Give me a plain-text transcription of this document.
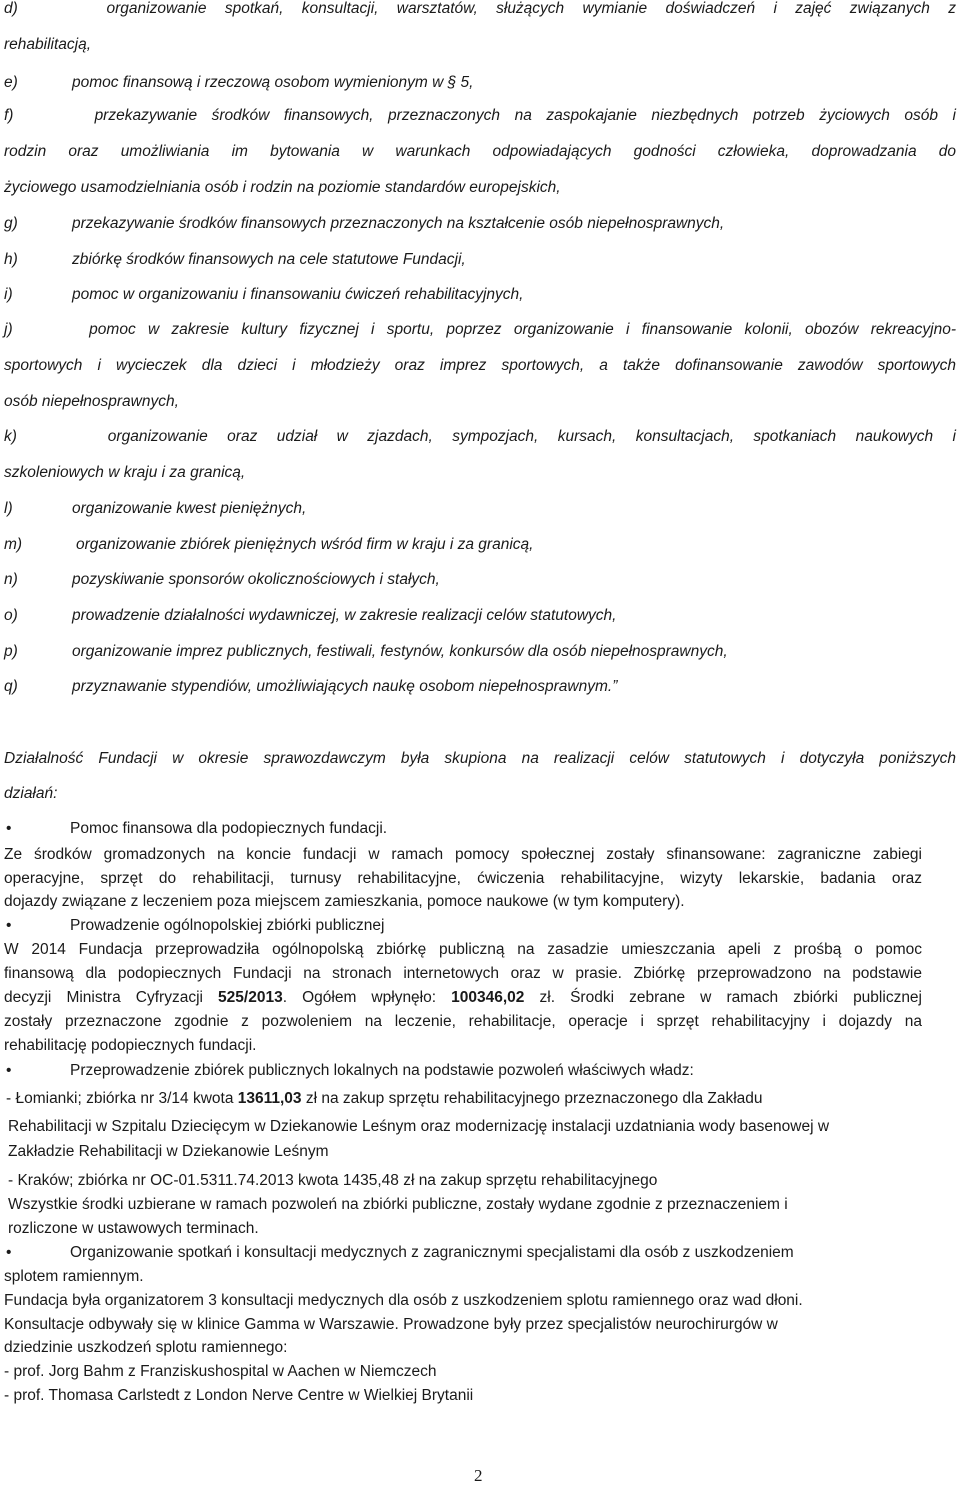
d)	organizowanie spotkań, konsultacji, warsztatów, służących wymianie doświadczeń i zajęć związanych z
rehabilitacją,
e)	pomoc finansową i rzeczową osobom wymienionym w § 5,
f)	przekazywanie środków finansowych, przeznaczonych na zaspokajanie niezbędnych potrzeb życiowych osób i
rodzin oraz umożliwiania im bytowania w warunkach odpowiadających godności człowieka, doprowadzania do
życiowego usamodzielniania osób i rodzin na poziomie standardów europejskich,
g)	przekazywanie środków finansowych przeznaczonych na kształcenie osób niepełnosprawnych,
h)	zbiórkę środków finansowych na cele statutowe Fundacji,
i)	pomoc w organizowaniu i finansowaniu ćwiczeń rehabilitacyjnych,
j)	pomoc w zakresie kultury fizycznej i sportu, poprzez organizowanie i finansowanie kolonii, obozów rekreacyjno-
sportowych i wycieczek dla dzieci i młodzieży oraz imprez sportowych, a także dofinansowanie zawodów sportowych
osób niepełnosprawnych,
k)	organizowanie oraz udział w zjazdach, sympozjach, kursach, konsultacjach, spotkaniach naukowych i
szkoleniowych w kraju i za granicą,
l)	organizowanie kwest pieniężnych,
m)	organizowanie zbiórek pieniężnych wśród firm w kraju i za granicą,
n)	pozyskiwanie sponsorów okolicznościowych i stałych,
o)	prowadzenie działalności wydawniczej, w zakresie realizacji celów statutowych,
p)	organizowanie imprez publicznych, festiwali, festynów, konkursów dla osób niepełnosprawnych,
q)	przyznawanie stypendiów, umożliwiających naukę osobom niepełnosprawnym.”
Działalność Fundacji w okresie sprawozdawczym była skupiona na realizacji celów statutowych i dotyczyła poniższych
działań:
•	Pomoc finansowa dla podopiecznych fundacji.
Ze środków gromadzonych na koncie fundacji w ramach pomocy społecznej zostały sfinansowane: zagraniczne zabiegi
operacyjne, sprzęt do rehabilitacji, turnusy rehabilitacyjne, ćwiczenia rehabilitacyjne, wizyty lekarskie, badania oraz
dojazdy związane z leczeniem poza miejscem zamieszkania, pomoce naukowe (w tym komputery).
•	Prowadzenie ogólnopolskiej zbiórki publicznej
W 2014 Fundacja przeprowadziła ogólnopolską zbiórkę publiczną na zasadzie umieszczania apeli z prośbą o pomoc
finansową dla podopiecznych Fundacji na stronach internetowych oraz w prasie. Zbiórkę przeprowadzono na podstawie
decyzji Ministra Cyfryzacji 525/2013. Ogółem wpłynęło: 100346,02 zł. Środki zebrane w ramach zbiórki publicznej
zostały przeznaczone zgodnie z pozwoleniem na leczenie, rehabilitacje, operacje i sprzęt rehabilitacyjny i dojazdy na
rehabilitację podopiecznych fundacji.
•	Przeprowadzenie zbiórek publicznych lokalnych na podstawie pozwoleń właściwych władz:
- Łomianki; zbiórka nr 3/14 kwota 13611,03 zł na zakup sprzętu rehabilitacyjnego przeznaczonego dla Zakładu
Rehabilitacji w Szpitalu Dziecięcym w Dziekanowie Leśnym oraz modernizację instalacji uzdatniania wody basenowej w
Zakładzie Rehabilitacji w Dziekanowie Leśnym
- Kraków; zbiórka nr OC-01.5311.74.2013 kwota 1435,48 zł na zakup sprzętu rehabilitacyjnego
Wszystkie środki uzbierane w ramach pozwoleń na zbiórki publiczne, zostały wydane zgodnie z przeznaczeniem i
rozliczone w ustawowych terminach.
•	Organizowanie spotkań i konsultacji medycznych z zagranicznymi specjalistami dla osób z uszkodzeniem
splotem ramiennym.
Fundacja była organizatorem 3 konsultacji medycznych dla osób z uszkodzeniem splotu ramiennego oraz wad dłoni.
Konsultacje odbywały się w klinice Gamma w Warszawie. Prowadzone były przez specjalistów neurochirurgów w
dziedzinie uszkodzeń splotu ramiennego:
- prof. Jorg Bahm z Franziskushospital w Aachen w Niemczech
- prof. Thomasa Carlstedt z London Nerve Centre w Wielkiej Brytanii
2
